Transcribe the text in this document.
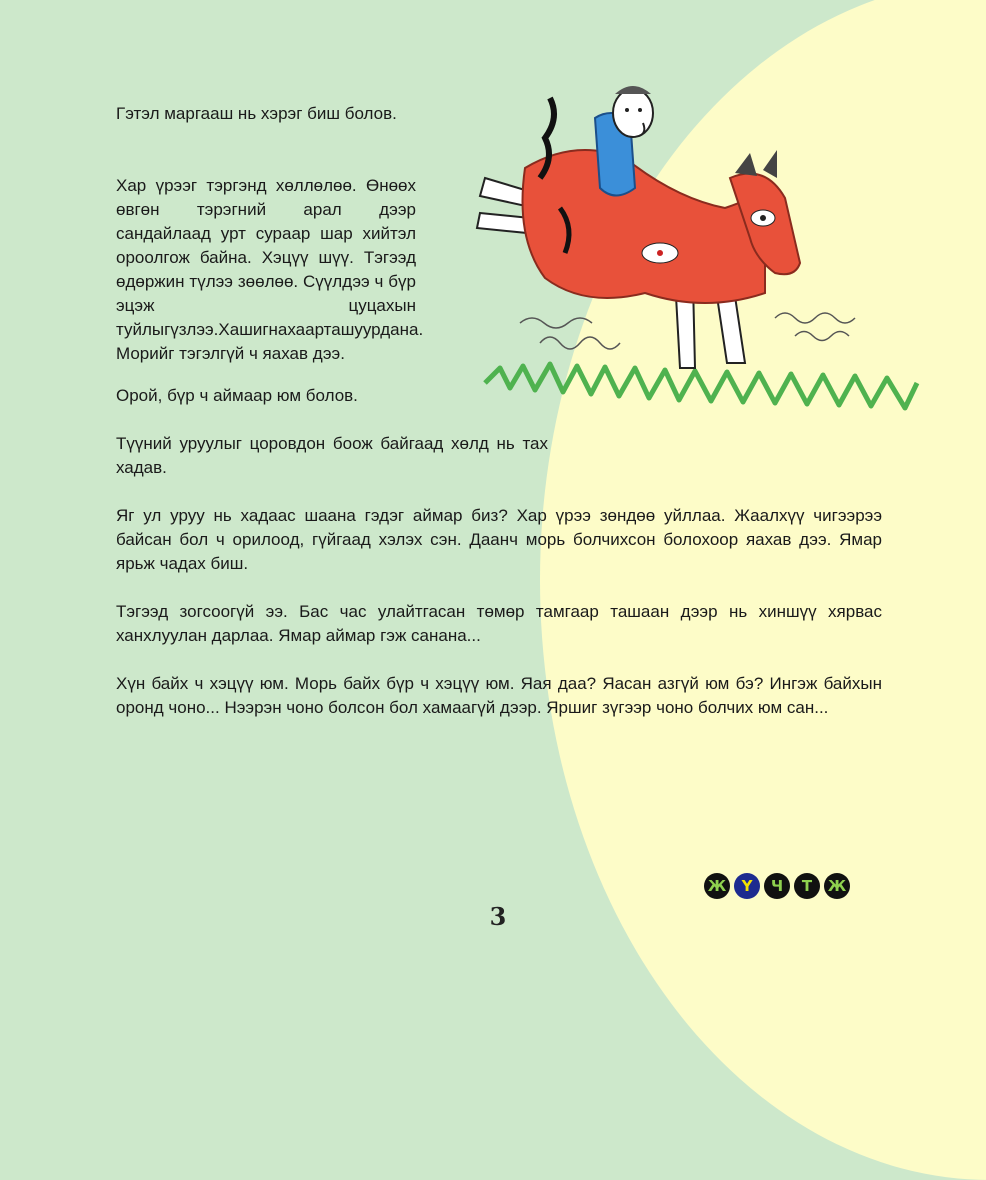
Гэтэл маргааш нь хэрэг биш болов.

Хар үрээг тэргэнд хөллөлөө. Өнөөх өвгөн тэрэгний арал дээр сандайлаад урт сураар шар хийтэл ороолгож байна. Хэцүү шүү. Тэгээд өдөржин түлээ зөөлөө. Сүүлдээ ч бүр эцэж цуцахын туйлыгүзлээ.Хашигнахаарташуурдана. Морийг тэгэлгүй ч яахав дээ.

Орой, бүр ч аймаар юм болов.

Түүний уруулыг цоровдон боож байгаад хөлд нь тах хадав.

Яг ул уруу нь хадаас шаана гэдэг аймар биз? Хар үрээ зөндөө уйллаа. Жаалхүү чигээрээ байсан бол ч орилоод, гүйгаад хэлэх сэн. Даанч морь болчихсон болохоор яахав дээ. Ямар ярьж чадах биш.

Тэгээд зогсоогүй ээ. Бас час улайтгасан төмөр тамгаар ташаан дээр нь хиншүү хярвас ханхлуулан дарлаа. Ямар аймар гэж санана...

Хүн байх ч хэцүү юм. Морь байх бүр ч хэцүү юм. Яая даа? Яасан азгүй юм бэ? Ингэж байхын оронд чоно... Нээрэн чоно болсон бол хамаагүй дээр. Яршиг зүгээр чоно болчих юм сан...

3
Ж	Ү	Ч	Т	Ж
